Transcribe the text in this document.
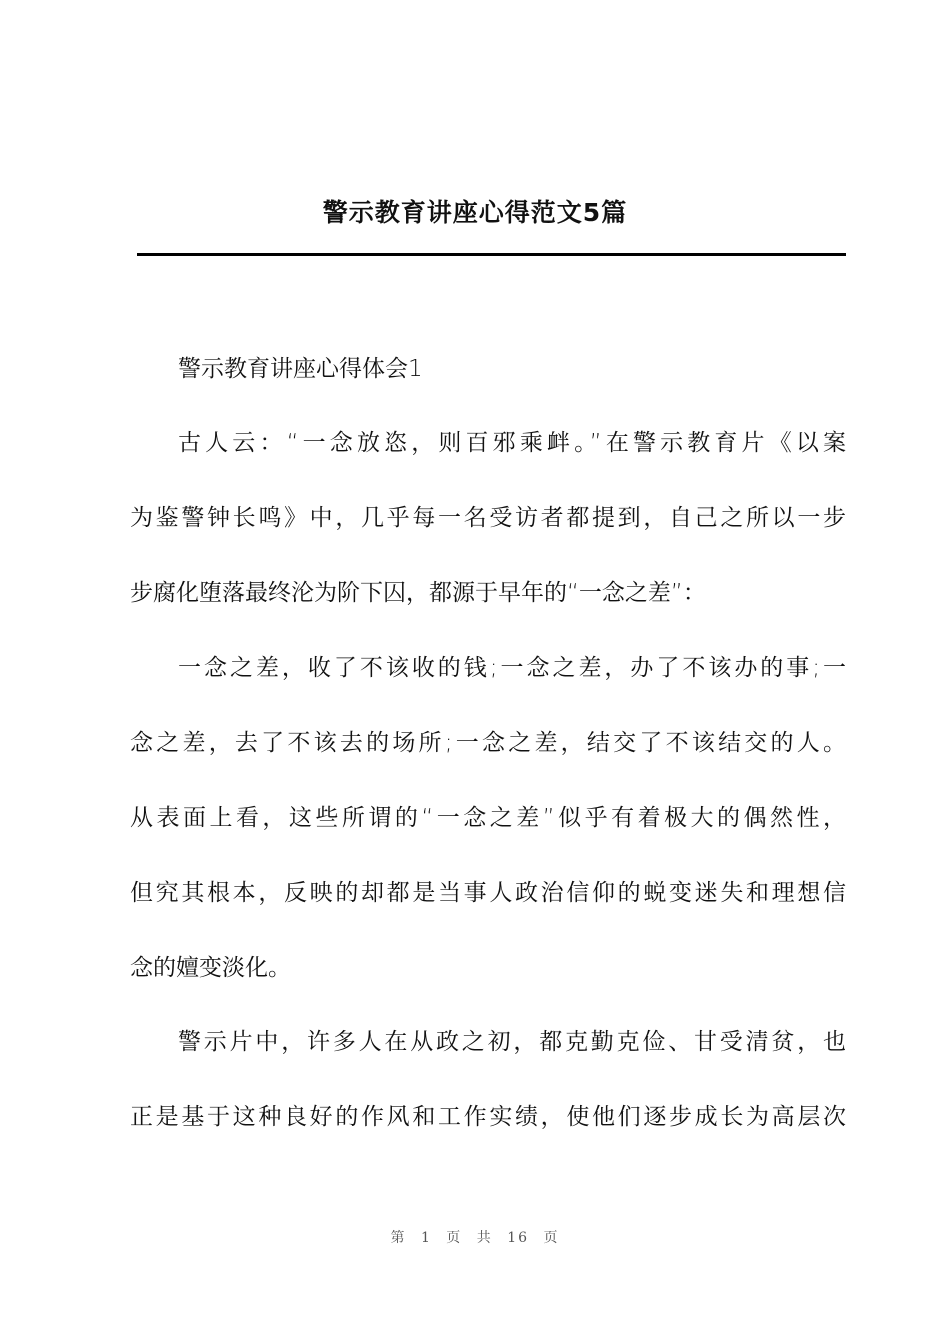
警示教育讲座心得范文5篇
警示教育讲座心得体会1
古人云：“一念放恣，则百邪乘衅。”在警示教育片《以案
为鉴警钟长鸣》中，几乎每一名受访者都提到，自己之所以一步
步腐化堕落最终沦为阶下囚，都源于早年的“一念之差”：
一念之差，收了不该收的钱;一念之差，办了不该办的事;一
念之差，去了不该去的场所;一念之差，结交了不该结交的人。
从表面上看，这些所谓的“一念之差”似乎有着极大的偶然性，
但究其根本，反映的却都是当事人政治信仰的蜕变迷失和理想信
念的嬗变淡化。
警示片中，许多人在从政之初，都克勤克俭、甘受清贫，也
正是基于这种良好的作风和工作实绩，使他们逐步成长为高层次
第 1 页 共 16 页
